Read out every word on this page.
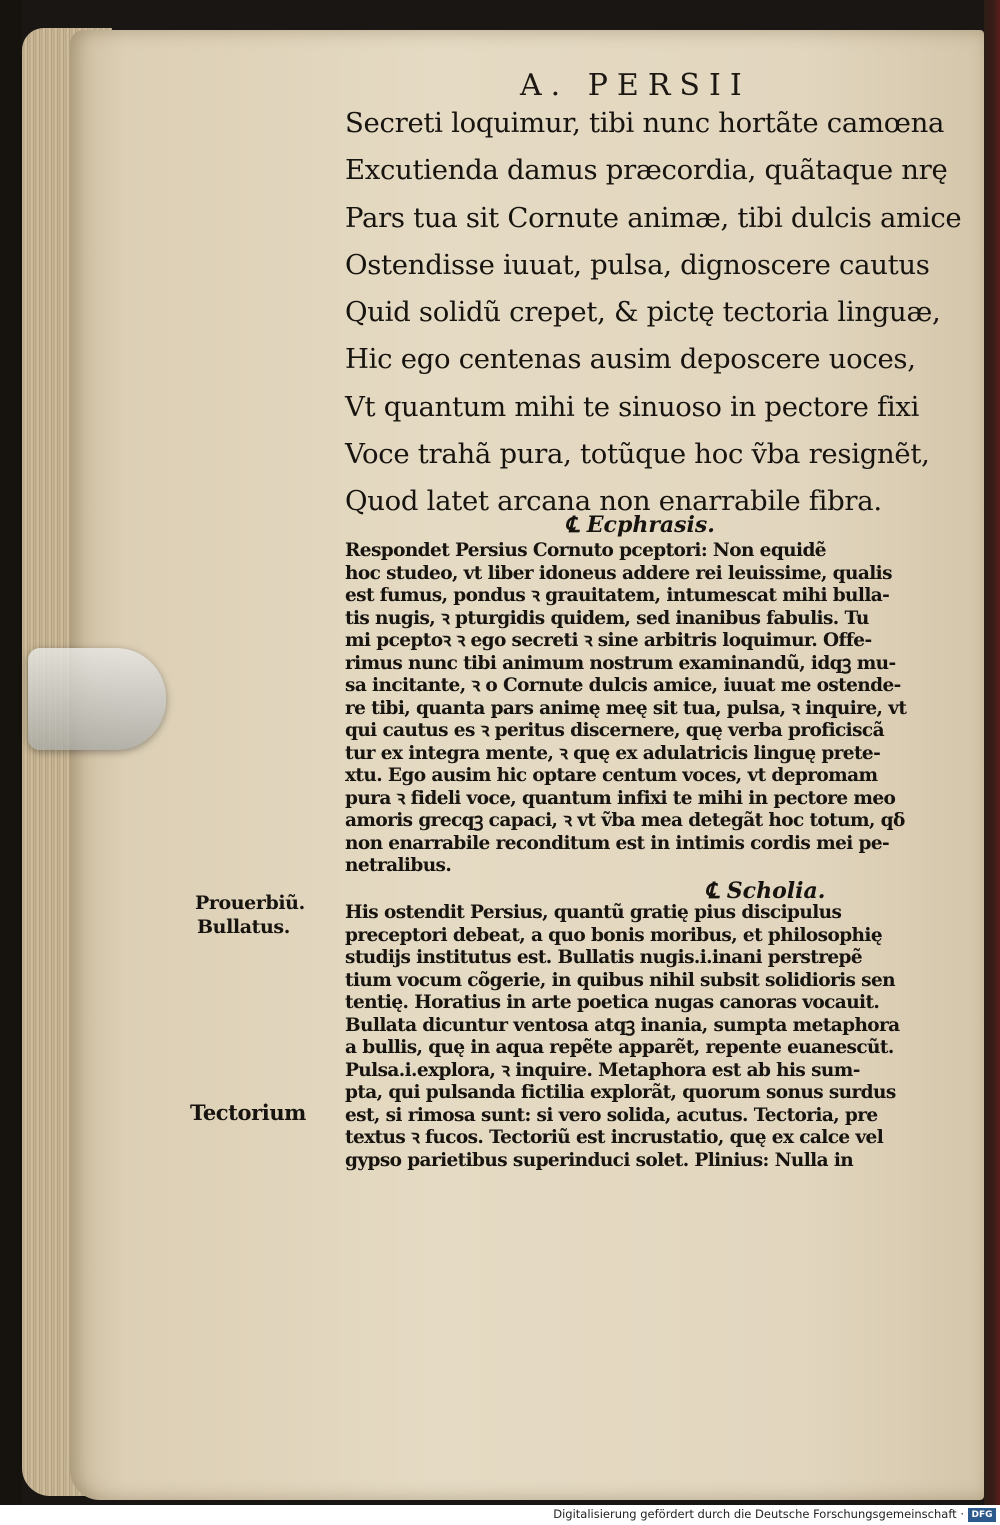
A. PERSII
Secreti loquimur, tibi nunc hortãte camœna
Excutienda damus præcordia, quãtaque nrę
Pars tua sit Cornute animæ, tibi dulcis amice
Ostendisse iuuat, pulsa, dignoscere cautus
Quid solidũ crepet, & pictę tectoria linguæ,
Hic ego centenas ausim deposcere uoces,
Vt quantum mihi te sinuoso in pectore fixi
Voce trahã pura, totũque hoc ṽba resignẽt,
Quod latet arcana non enarrabile fibra.
℄ Ecphrasis.
Respondet Persius Cornuto pceptori: Non equidẽ
hoc studeo, vt liber idoneus addere rei leuissime, qualis
est fumus, pondus ꝛ grauitatem, intumescat mihi bulla-
tis nugis, ꝛ pturgidis quidem, sed inanibus fabulis. Tu
mi pceptoꝛ ꝛ ego secreti ꝛ sine arbitris loquimur. Offe-
rimus nunc tibi animum nostrum examinandũ, idqꝫ mu-
sa incitante, ꝛ o Cornute dulcis amice, iuuat me ostende-
re tibi, quanta pars animę meę sit tua, pulsa, ꝛ inquire, vt
qui cautus es ꝛ peritus discernere, quę verba proficiscã
tur ex integra mente, ꝛ quę ex adulatricis linguę prete-
xtu. Ego ausim hic optare centum voces, vt depromam
pura ꝛ fideli voce, quantum infixi te mihi in pectore meo
amoris grecqꝫ capaci, ꝛ vt ṽba mea detegãt hoc totum, qδ
non enarrabile reconditum est in intimis cordis mei pe-
netralibus.
℄ Scholia.
His ostendit Persius, quantũ gratię pius discipulus
preceptori debeat, a quo bonis moribus, et philosophię
studijs institutus est. Bullatis nugis.i.inani perstrepẽ
tium vocum cõgerie, in quibus nihil subsit solidioris sen
tentię. Horatius in arte poetica nugas canoras vocauit.
Bullata dicuntur ventosa atqꝫ inania, sumpta metaphora
a bullis, quę in aqua repẽte apparẽt, repente euanescũt.
Pulsa.i.explora, ꝛ inquire. Metaphora est ab his sum-
pta, qui pulsanda fictilia explorãt, quorum sonus surdus
est, si rimosa sunt: si vero solida, acutus. Tectoria, pre
textus ꝛ fucos. Tectoriũ est incrustatio, quę ex calce vel
gypso parietibus superinduci solet. Plinius: Nulla in
Prouerbiũ.
Bullatus.
Tectorium
Digitalisierung gefördert durch die Deutsche Forschungsgemeinschaft · DFG
